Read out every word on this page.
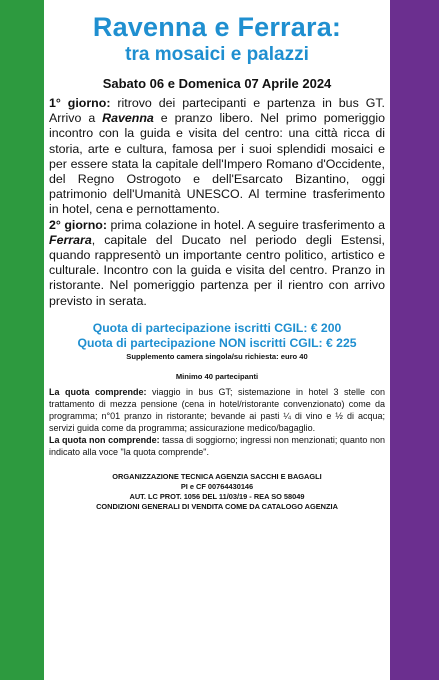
Ravenna e Ferrara:
tra mosaici e palazzi
Sabato 06 e Domenica 07 Aprile 2024

1° giorno: ritrovo dei partecipanti e partenza in bus GT. Arrivo a Ravenna e pranzo libero. Nel primo pomeriggio incontro con la guida e visita del centro: una città ricca di storia, arte e cultura, famosa per i suoi splendidi mosaici e per essere stata la capitale dell'Impero Romano d'Occidente, del Regno Ostrogoto e dell'Esarcato Bizantino, oggi patrimonio dell'Umanità UNESCO. Al termine trasferimento in hotel, cena e pernottamento.

2° giorno: prima colazione in hotel. A seguire trasferimento a Ferrara, capitale del Ducato nel periodo degli Estensi, quando rappresentò un importante centro politico, artistico e culturale. Incontro con la guida e visita del centro. Pranzo in ristorante. Nel pomeriggio partenza per il rientro con arrivo previsto in serata.

Quota di partecipazione iscritti CGIL: € 200
Quota di partecipazione NON iscritti CGIL: € 225
Supplemento camera singola/su richiesta: euro 40
Minimo 40 partecipanti

La quota comprende: viaggio in bus GT; sistemazione in hotel 3 stelle con trattamento di mezza pensione (cena in hotel/ristorante convenzionato) come da programma; n°01 pranzo in ristorante; bevande ai pasti ¼ di vino e ½ di acqua; servizi guida come da programma; assicurazione medico/bagaglio.

La quota non comprende: tassa di soggiorno; ingressi non menzionati; quanto non indicato alla voce "la quota comprende".

ORGANIZZAZIONE TECNICA AGENZIA SACCHI E BAGAGLI
PI e CF 00764430146
AUT. LC PROT. 1056 DEL 11/03/19 - REA SO 58049
CONDIZIONI GENERALI DI VENDITA COME DA CATALOGO AGENZIA
